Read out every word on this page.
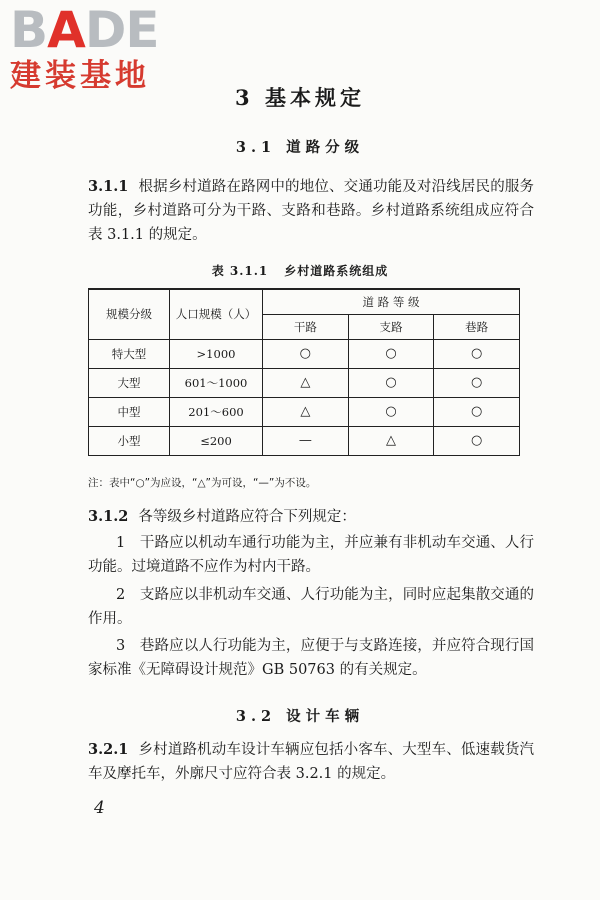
BADE
建装基地
3 基本规定
3.1 道路分级
3.1.1 根据乡村道路在路网中的地位、交通功能及对沿线居民的服务功能，乡村道路可分为干路、支路和巷路。乡村道路系统组成应符合表 3.1.1 的规定。
表 3.1.1 乡村道路系统组成
规模分级	人口规模（人）	道 路 等 级		
		干路	支路	巷路
特大型	>1000	○	○	○
大型	601～1000	△	○	○
中型	201～600	△	○	○
小型	≤200	—	△	○
注：表中“○”为应设，“△”为可设，“—”为不设。
3.1.2 各等级乡村道路应符合下列规定：
1　干路应以机动车通行功能为主，并应兼有非机动车交通、人行功能。过境道路不应作为村内干路。
2　支路应以非机动车交通、人行功能为主，同时应起集散交通的作用。
3　巷路应以人行功能为主，应便于与支路连接，并应符合现行国家标准《无障碍设计规范》GB 50763 的有关规定。
3.2 设计车辆
3.2.1 乡村道路机动车设计车辆应包括小客车、大型车、低速载货汽车及摩托车，外廓尺寸应符合表 3.2.1 的规定。
4
